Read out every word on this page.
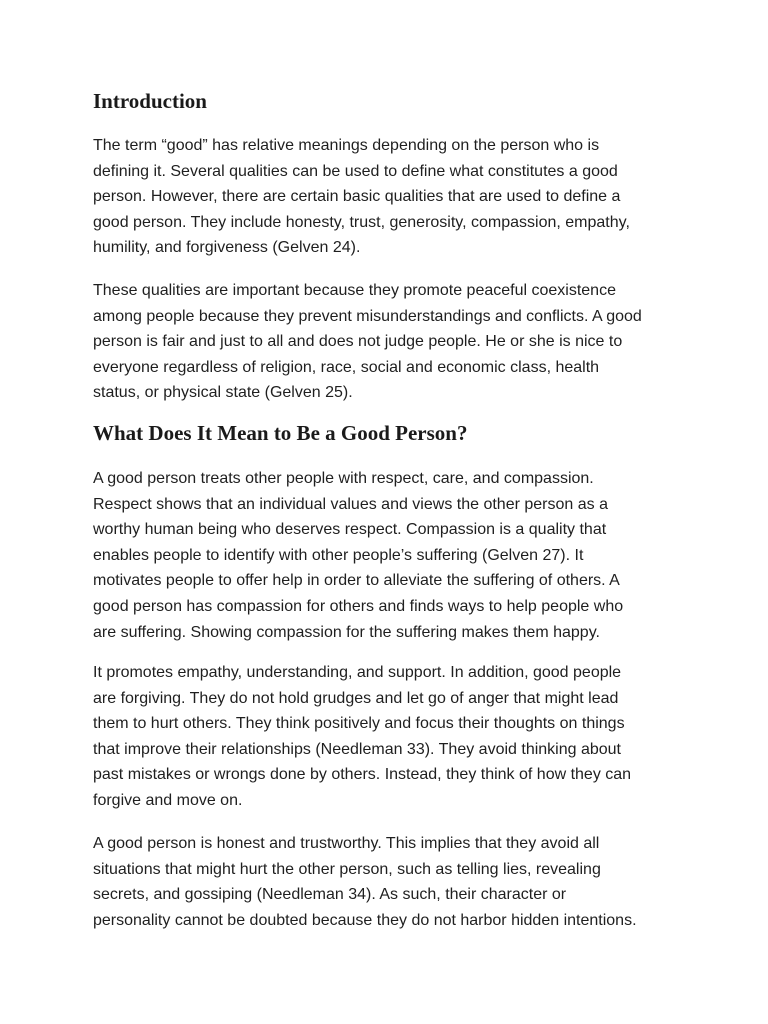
Introduction

The term “good” has relative meanings depending on the person who is
defining it. Several qualities can be used to define what constitutes a good
person. However, there are certain basic qualities that are used to define a
good person. They include honesty, trust, generosity, compassion, empathy,
humility, and forgiveness (Gelven 24).

These qualities are important because they promote peaceful coexistence
among people because they prevent misunderstandings and conflicts. A good
person is fair and just to all and does not judge people. He or she is nice to
everyone regardless of religion, race, social and economic class, health
status, or physical state (Gelven 25).

What Does It Mean to Be a Good Person?

A good person treats other people with respect, care, and compassion.
Respect shows that an individual values and views the other person as a
worthy human being who deserves respect. Compassion is a quality that
enables people to identify with other people’s suffering (Gelven 27). It
motivates people to offer help in order to alleviate the suffering of others. A
good person has compassion for others and finds ways to help people who
are suffering. Showing compassion for the suffering makes them happy.

It promotes empathy, understanding, and support. In addition, good people
are forgiving. They do not hold grudges and let go of anger that might lead
them to hurt others. They think positively and focus their thoughts on things
that improve their relationships (Needleman 33). They avoid thinking about
past mistakes or wrongs done by others. Instead, they think of how they can
forgive and move on.

A good person is honest and trustworthy. This implies that they avoid all
situations that might hurt the other person, such as telling lies, revealing
secrets, and gossiping (Needleman 34). As such, their character or
personality cannot be doubted because they do not harbor hidden intentions.
